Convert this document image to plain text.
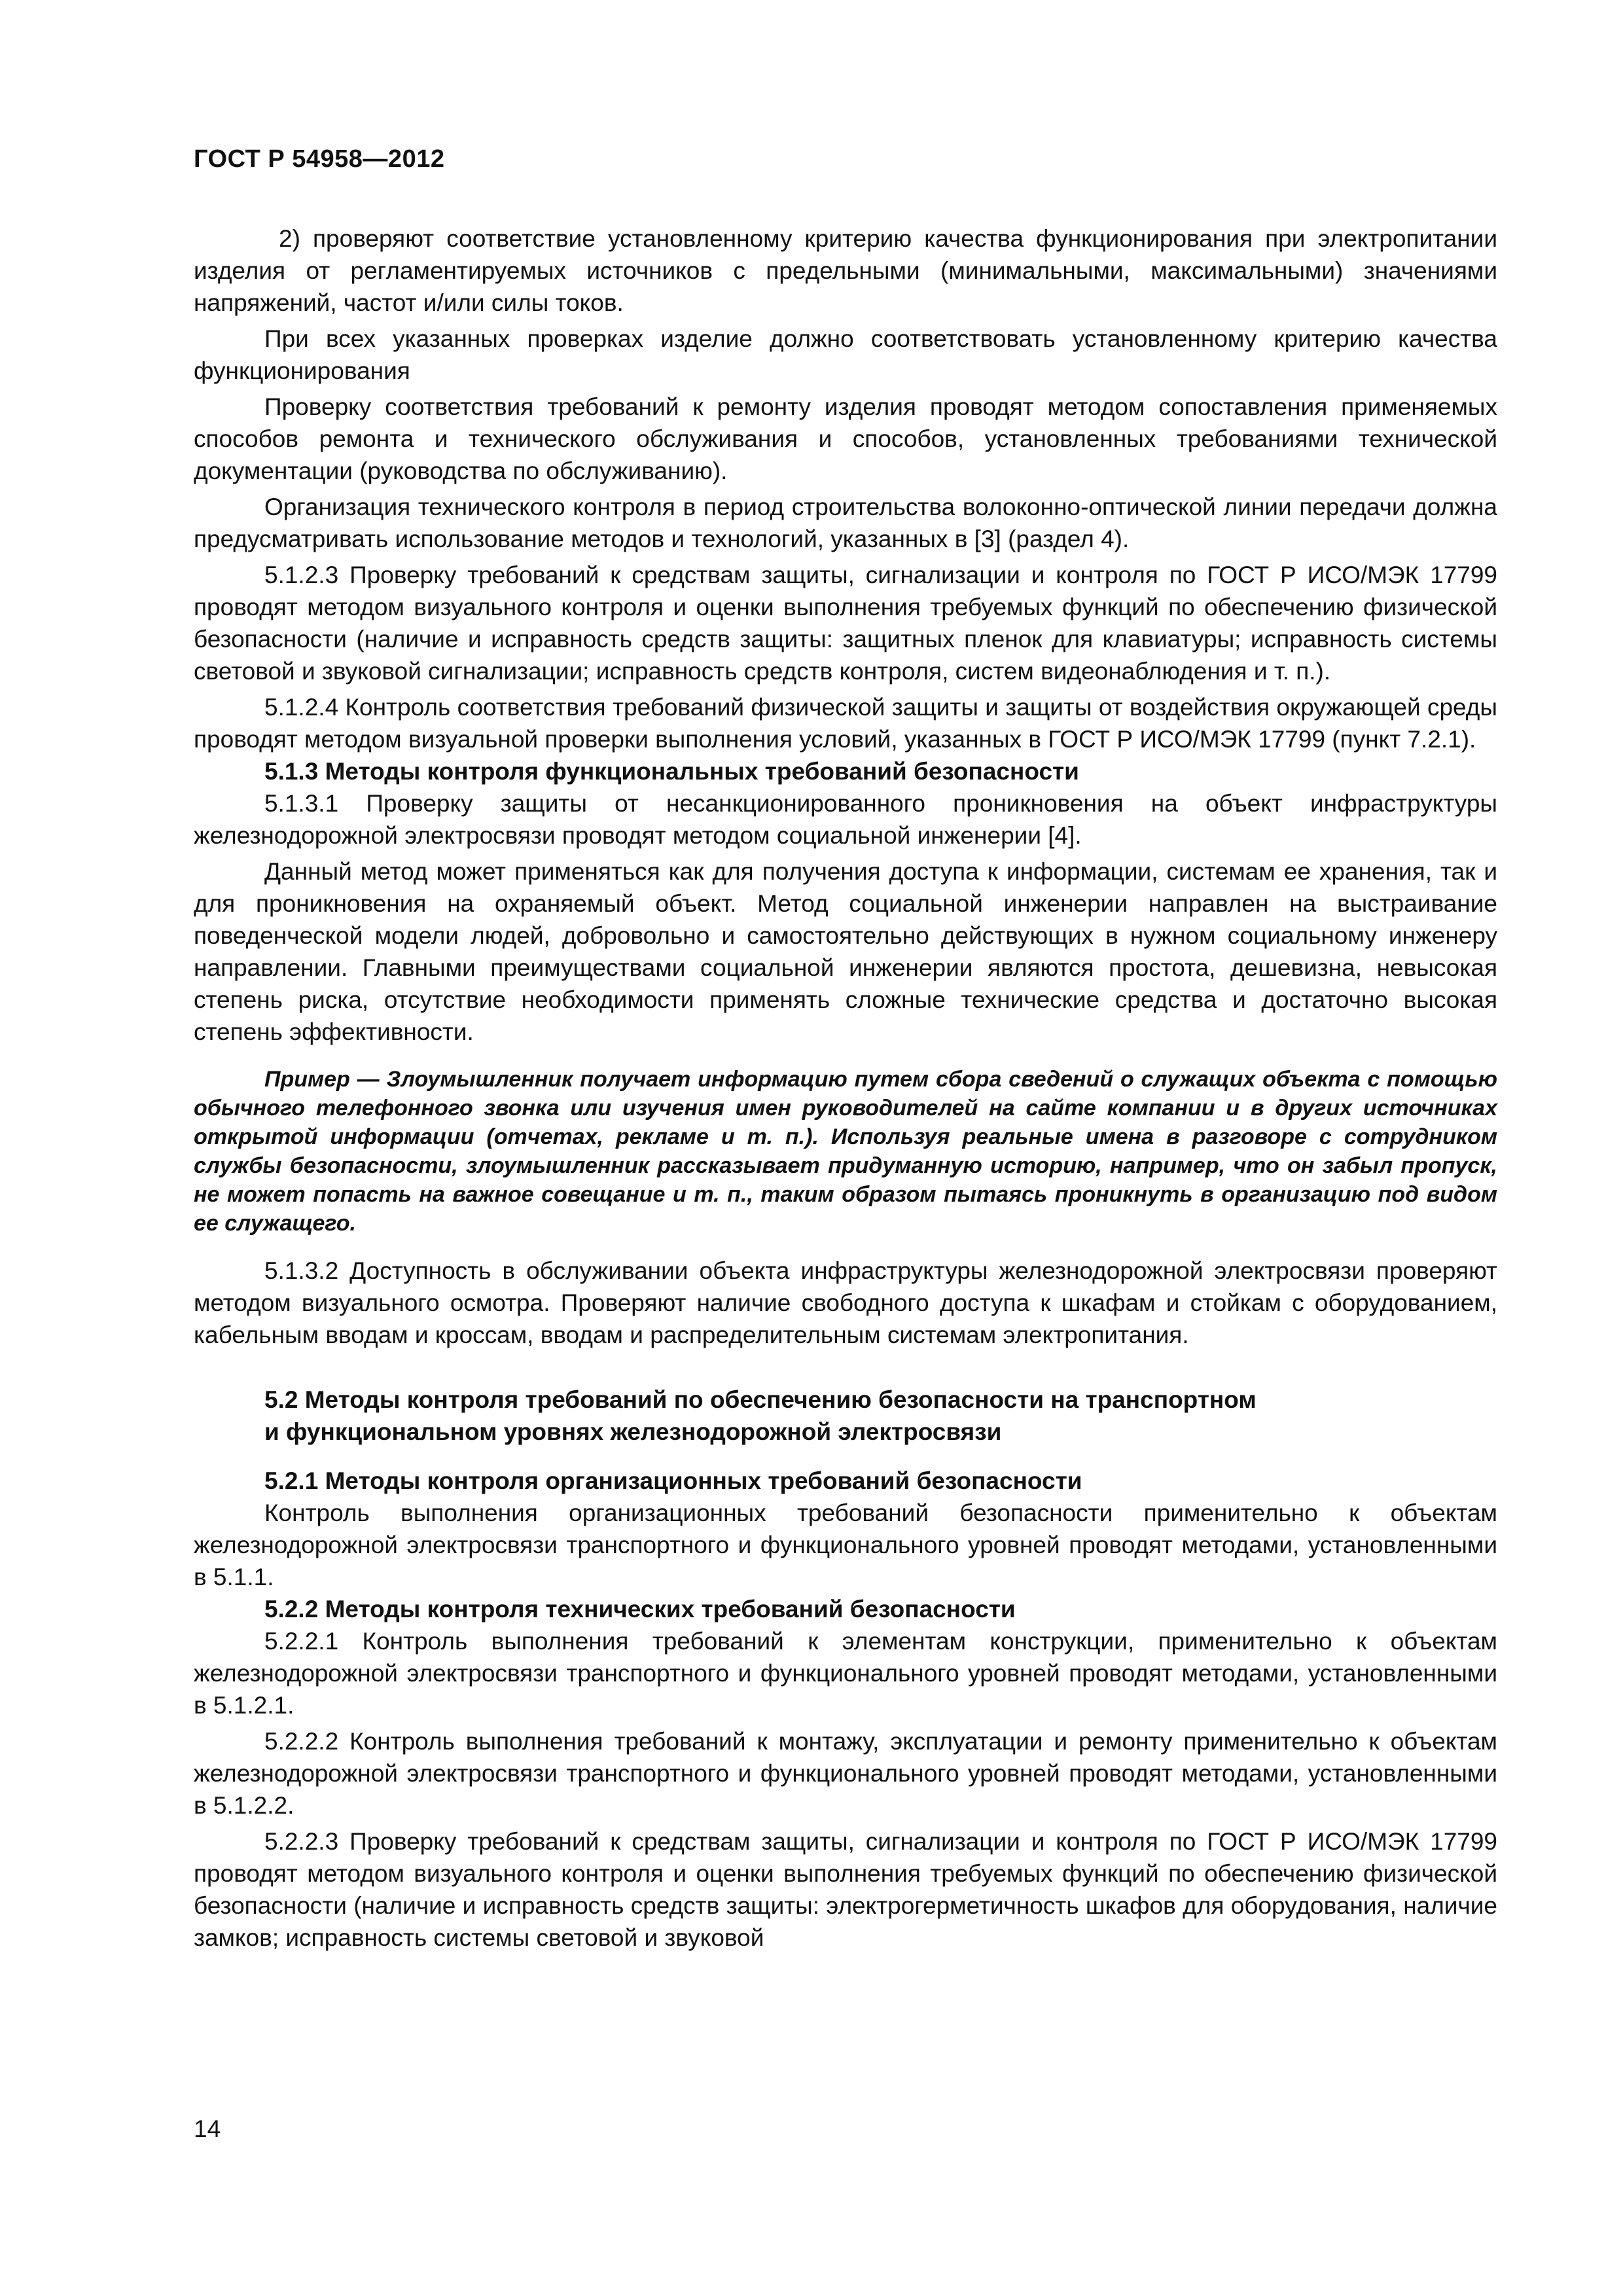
ГОСТ Р 54958—2012

2) проверяют соответствие установленному критерию качества функционирования при электропитании изделия от регламентируемых источников с предельными (минимальными, максимальными) значениями напряжений, частот и/или силы токов.

При всех указанных проверках изделие должно соответствовать установленному критерию качества функционирования

Проверку соответствия требований к ремонту изделия проводят методом сопоставления применяемых способов ремонта и технического обслуживания и способов, установленных требованиями технической документации (руководства по обслуживанию).

Организация технического контроля в период строительства волоконно-оптической линии передачи должна предусматривать использование методов и технологий, указанных в [3] (раздел 4).

5.1.2.3 Проверку требований к средствам защиты, сигнализации и контроля по ГОСТ Р ИСО/МЭК 17799 проводят методом визуального контроля и оценки выполнения требуемых функций по обеспечению физической безопасности (наличие и исправность средств защиты: защитных пленок для клавиатуры; исправность системы световой и звуковой сигнализации; исправность средств контроля, систем видеонаблюдения и т. п.).

5.1.2.4 Контроль соответствия требований физической защиты и защиты от воздействия окружающей среды проводят методом визуальной проверки выполнения условий, указанных в ГОСТ Р ИСО/МЭК 17799 (пункт 7.2.1).

5.1.3 Методы контроля функциональных требований безопасности

5.1.3.1 Проверку защиты от несанкционированного проникновения на объект инфраструктуры железнодорожной электросвязи проводят методом социальной инженерии [4].

Данный метод может применяться как для получения доступа к информации, системам ее хранения, так и для проникновения на охраняемый объект. Метод социальной инженерии направлен на выстраивание поведенческой модели людей, добровольно и самостоятельно действующих в нужном социальному инженеру направлении. Главными преимуществами социальной инженерии являются простота, дешевизна, невысокая степень риска, отсутствие необходимости применять сложные технические средства и достаточно высокая степень эффективности.

Пример — Злоумышленник получает информацию путем сбора сведений о служащих объекта с помощью обычного телефонного звонка или изучения имен руководителей на сайте компании и в других источниках открытой информации (отчетах, рекламе и т. п.). Используя реальные имена в разговоре с сотрудником службы безопасности, злоумышленник рассказывает придуманную историю, например, что он забыл пропуск, не может попасть на важное совещание и т. п., таким образом пытаясь проникнуть в организацию под видом ее служащего.

5.1.3.2 Доступность в обслуживании объекта инфраструктуры железнодорожной электросвязи проверяют методом визуального осмотра. Проверяют наличие свободного доступа к шкафам и стойкам с оборудованием, кабельным вводам и кроссам, вводам и распределительным системам электропитания.

5.2 Методы контроля требований по обеспечению безопасности на транспортном
и функциональном уровнях железнодорожной электросвязи
5.2.1 Методы контроля организационных требований безопасности

Контроль выполнения организационных требований безопасности применительно к объектам железнодорожной электросвязи транспортного и функционального уровней проводят методами, установленными в 5.1.1.

5.2.2 Методы контроля технических требований безопасности

5.2.2.1 Контроль выполнения требований к элементам конструкции, применительно к объектам железнодорожной электросвязи транспортного и функционального уровней проводят методами, установленными в 5.1.2.1.

5.2.2.2 Контроль выполнения требований к монтажу, эксплуатации и ремонту применительно к объектам железнодорожной электросвязи транспортного и функционального уровней проводят методами, установленными в 5.1.2.2.

5.2.2.3 Проверку требований к средствам защиты, сигнализации и контроля по ГОСТ Р ИСО/МЭК 17799 проводят методом визуального контроля и оценки выполнения требуемых функций по обеспечению физической безопасности (наличие и исправность средств защиты: электрогерметичность шкафов для оборудования, наличие замков; исправность системы световой и звуковой

14
